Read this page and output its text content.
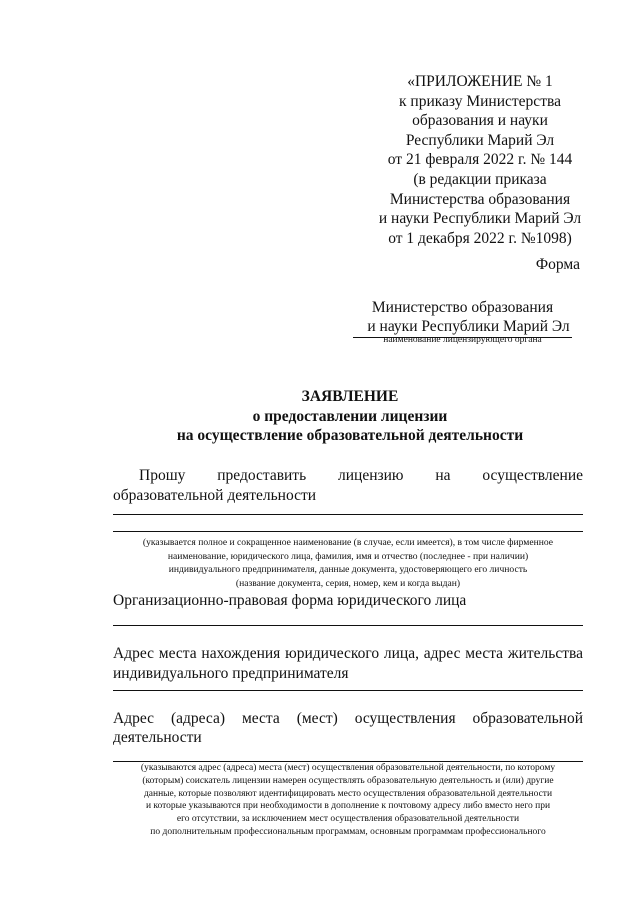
«ПРИЛОЖЕНИЕ № 1
к приказу Министерства
образования и науки
Республики Марий Эл
от 21 февраля 2022 г. № 144
(в редакции приказа
Министерства образования
и науки Республики Марий Эл
от 1 декабря 2022 г. №1098)
Форма
Министерство образования
и науки Республики Марий Эл
наименование лицензирующего органа
ЗАЯВЛЕНИЕ
о предоставлении лицензии
на осуществление образовательной деятельности
Прошу предоставить лицензию на осуществление образовательной деятельности
(указывается полное и сокращенное наименование (в случае, если имеется), в том числе фирменное
наименование, юридического лица, фамилия, имя и отчество (последнее - при наличии)
индивидуального предпринимателя, данные документа, удостоверяющего его личность
(название документа, серия, номер, кем и когда выдан)
Организационно-правовая форма юридического лица
Адрес места нахождения юридического лица, адрес места жительства индивидуального предпринимателя
Адрес (адреса) места (мест) осуществления образовательной
деятельности
(указываются адрес (адреса) места (мест) осуществления образовательной деятельности, по которому
(которым) соискатель лицензии намерен осуществлять образовательную деятельность и (или) другие
данные, которые позволяют идентифицировать место осуществления образовательной деятельности
и которые указываются при необходимости в дополнение к почтовому адресу либо вместо него при
его отсутствии, за исключением мест осуществления образовательной деятельности
по дополнительным профессиональным программам, основным программам профессионального
